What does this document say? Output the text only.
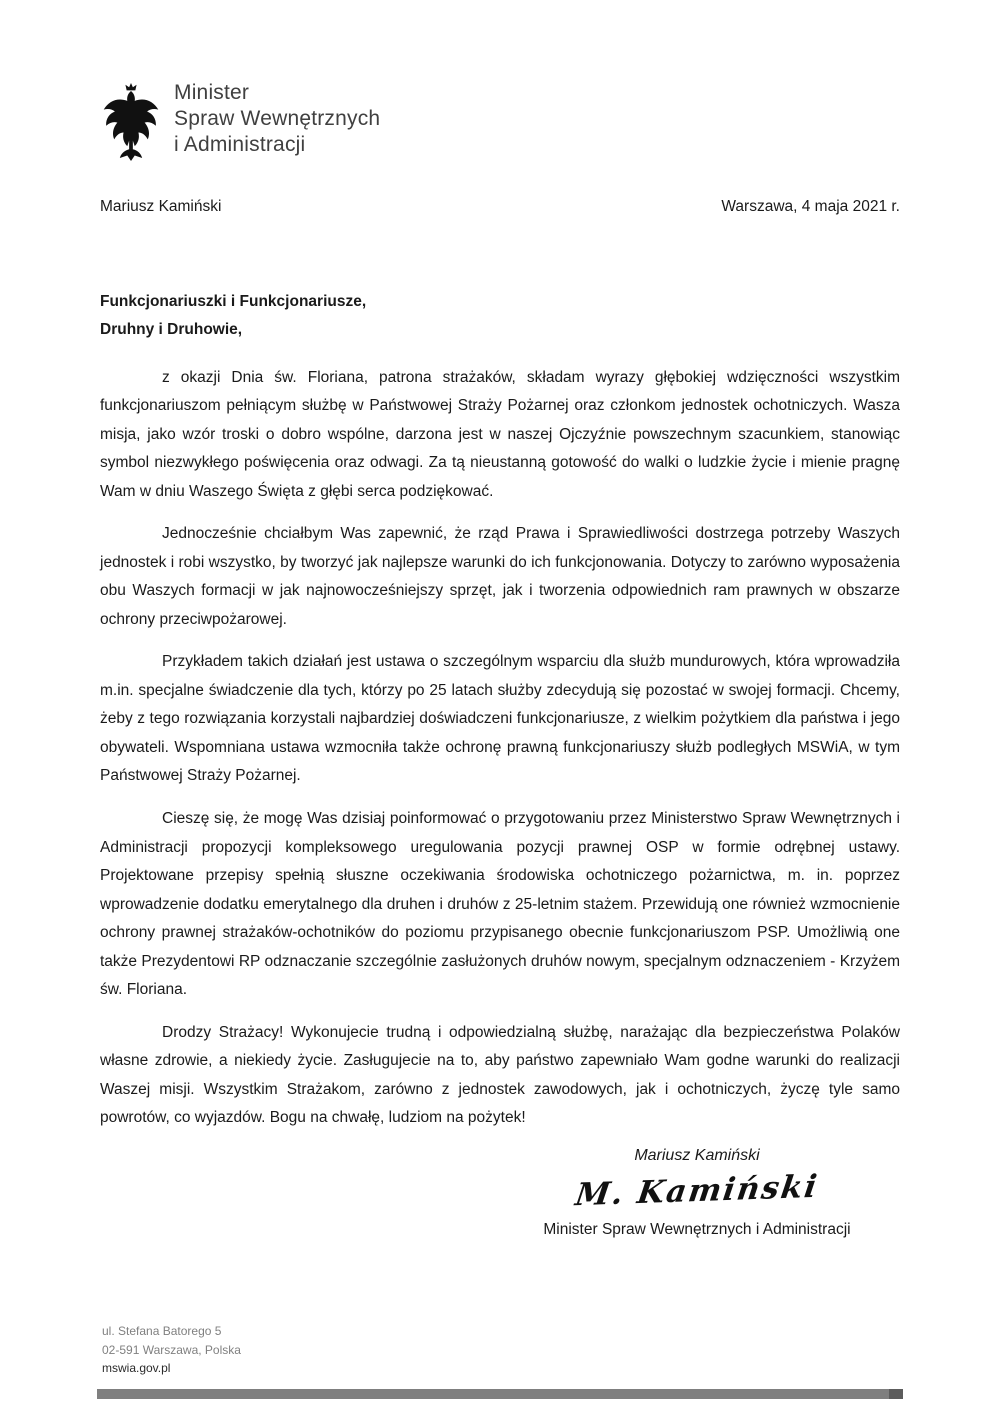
Minister
Spraw Wewnętrznych
i Administracji
Mariusz Kamiński	Warszawa, 4 maja 2021 r.
Funkcjonariuszki i Funkcjonariusze,
Druhny i Druhowie,

z okazji Dnia św. Floriana, patrona strażaków, składam wyrazy głębokiej wdzięczności wszystkim funkcjonariuszom pełniącym służbę w Państwowej Straży Pożarnej oraz członkom jednostek ochotniczych. Wasza misja, jako wzór troski o dobro wspólne, darzona jest w naszej Ojczyźnie powszechnym szacunkiem, stanowiąc symbol niezwykłego poświęcenia oraz odwagi. Za tą nieustanną gotowość do walki o ludzkie życie i mienie pragnę Wam w dniu Waszego Święta z głębi serca podziękować.

Jednocześnie chciałbym Was zapewnić, że rząd Prawa i Sprawiedliwości dostrzega potrzeby Waszych jednostek i robi wszystko, by tworzyć jak najlepsze warunki do ich funkcjonowania. Dotyczy to zarówno wyposażenia obu Waszych formacji w jak najnowocześniejszy sprzęt, jak i tworzenia odpowiednich ram prawnych w obszarze ochrony przeciwpożarowej.

Przykładem takich działań jest ustawa o szczególnym wsparciu dla służb mundurowych, która wprowadziła m.in. specjalne świadczenie dla tych, którzy po 25 latach służby zdecydują się pozostać w swojej formacji. Chcemy, żeby z tego rozwiązania korzystali najbardziej doświadczeni funkcjonariusze, z wielkim pożytkiem dla państwa i jego obywateli. Wspomniana ustawa wzmocniła także ochronę prawną funkcjonariuszy służb podległych MSWiA, w tym Państwowej Straży Pożarnej.

Cieszę się, że mogę Was dzisiaj poinformować o przygotowaniu przez Ministerstwo Spraw Wewnętrznych i Administracji propozycji kompleksowego uregulowania pozycji prawnej OSP w formie odrębnej ustawy. Projektowane przepisy spełnią słuszne oczekiwania środowiska ochotniczego pożarnictwa, m. in. poprzez wprowadzenie dodatku emerytalnego dla druhen i druhów z 25-letnim stażem. Przewidują one również wzmocnienie ochrony prawnej strażaków-ochotników do poziomu przypisanego obecnie funkcjonariuszom PSP. Umożliwią one także Prezydentowi RP odznaczanie szczególnie zasłużonych druhów nowym, specjalnym odznaczeniem - Krzyżem św. Floriana.

Drodzy Strażacy! Wykonujecie trudną i odpowiedzialną służbę, narażając dla bezpieczeństwa Polaków własne zdrowie, a niekiedy życie. Zasługujecie na to, aby państwo zapewniało Wam godne warunki do realizacji Waszej misji. Wszystkim Strażakom, zarówno z jednostek zawodowych, jak i ochotniczych, życzę tyle samo powrotów, co wyjazdów. Bogu na chwałę, ludziom na pożytek!

Mariusz Kamiński
M. Kamiński
Minister Spraw Wewnętrznych i Administracji
ul. Stefana Batorego 5
02-591 Warszawa, Polska
mswia.gov.pl
